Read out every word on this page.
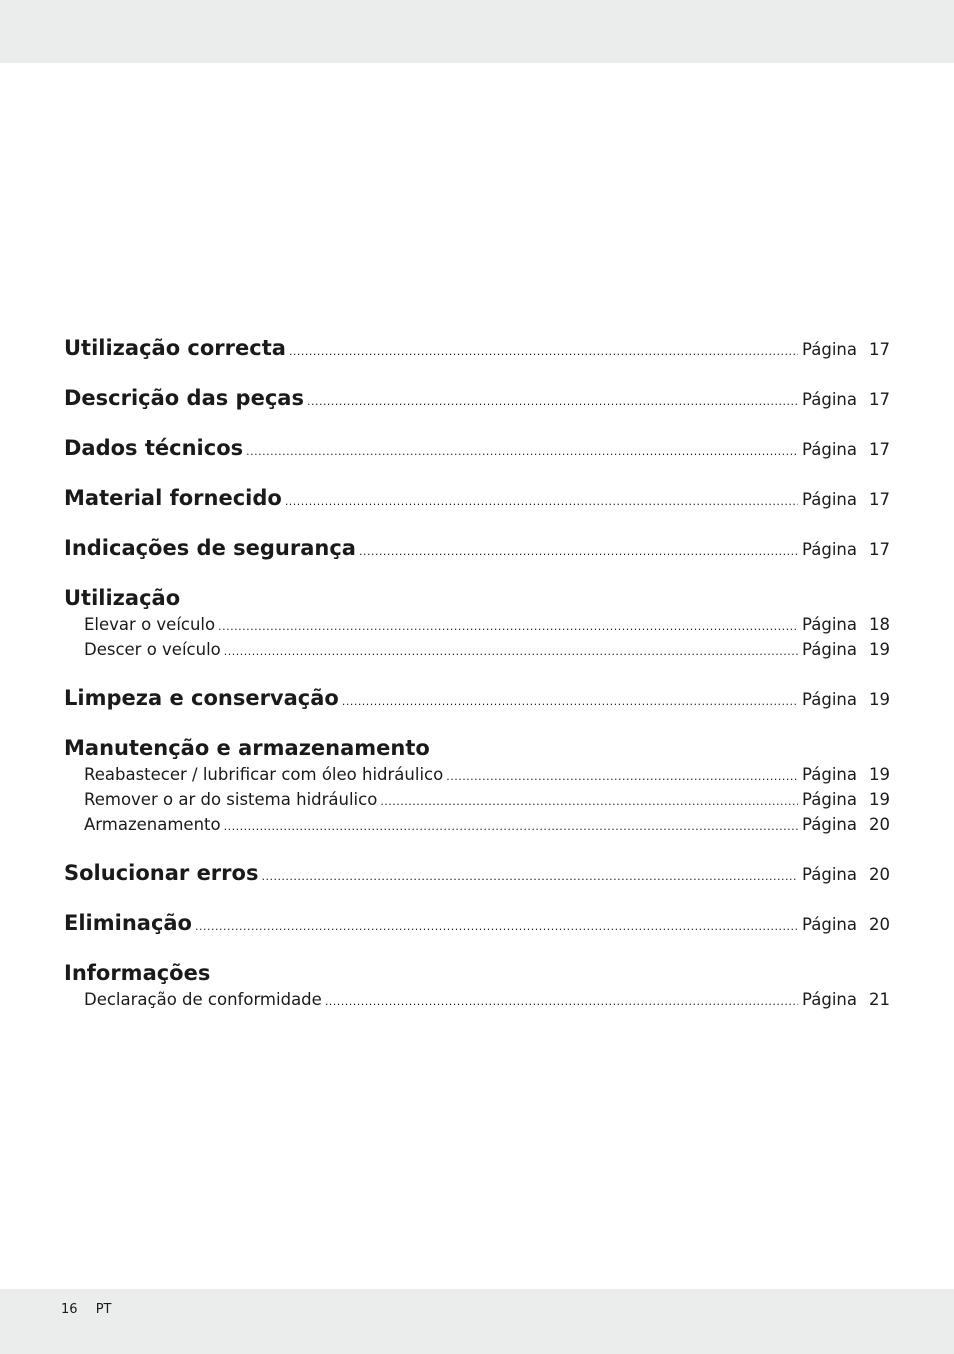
Utilização correcta .....	Página 17
Descrição das peças .....	Página 17
Dados técnicos .....	Página 17
Material fornecido .....	Página 17
Indicações de segurança .....	Página 17
Utilização
Elevar o veículo .....	Página 18
Descer o veículo .....	Página 19
Limpeza e conservação .....	Página 19
Manutenção e armazenamento
Reabastecer / lubrificar com óleo hidráulico .....	Página 19
Remover o ar do sistema hidráulico .....	Página 19
Armazenamento .....	Página 20
Solucionar erros .....	Página 20
Eliminação .....	Página 20
Informações
Declaração de conformidade .....	Página 21
16 PT
